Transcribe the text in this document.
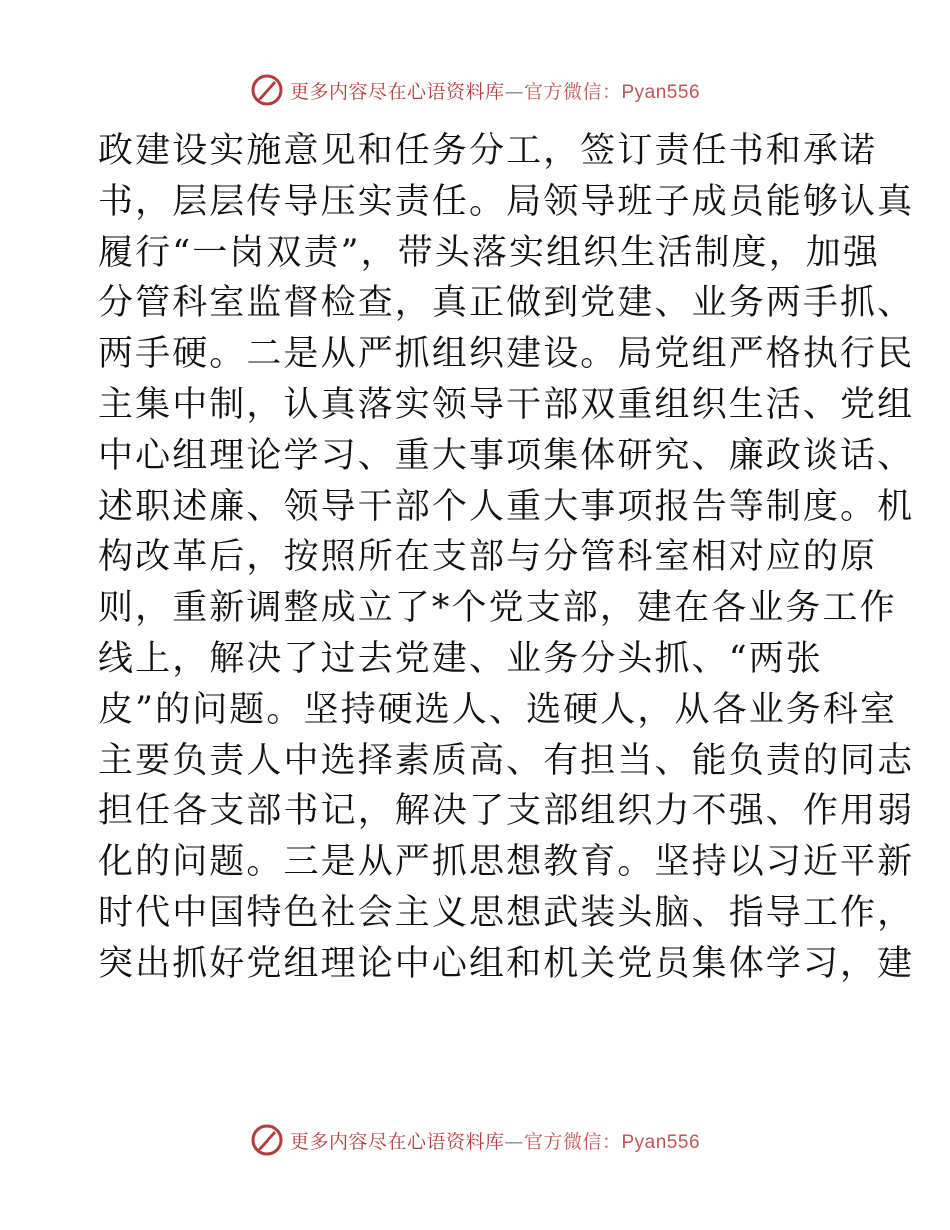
更多内容尽在心语资料库—官方微信：Pyan556
政建设实施意见和任务分工，签订责任书和承诺
书，层层传导压实责任。局领导班子成员能够认真
履行“一岗双责”，带头落实组织生活制度，加强
分管科室监督检查，真正做到党建、业务两手抓、
两手硬。二是从严抓组织建设。局党组严格执行民
主集中制，认真落实领导干部双重组织生活、党组
中心组理论学习、重大事项集体研究、廉政谈话、
述职述廉、领导干部个人重大事项报告等制度。机
构改革后，按照所在支部与分管科室相对应的原
则，重新调整成立了*个党支部，建在各业务工作
线上，解决了过去党建、业务分头抓、“两张
皮”的问题。坚持硬选人、选硬人，从各业务科室
主要负责人中选择素质高、有担当、能负责的同志
担任各支部书记，解决了支部组织力不强、作用弱
化的问题。三是从严抓思想教育。坚持以习近平新
时代中国特色社会主义思想武装头脑、指导工作，
突出抓好党组理论中心组和机关党员集体学习，建
更多内容尽在心语资料库—官方微信：Pyan556
